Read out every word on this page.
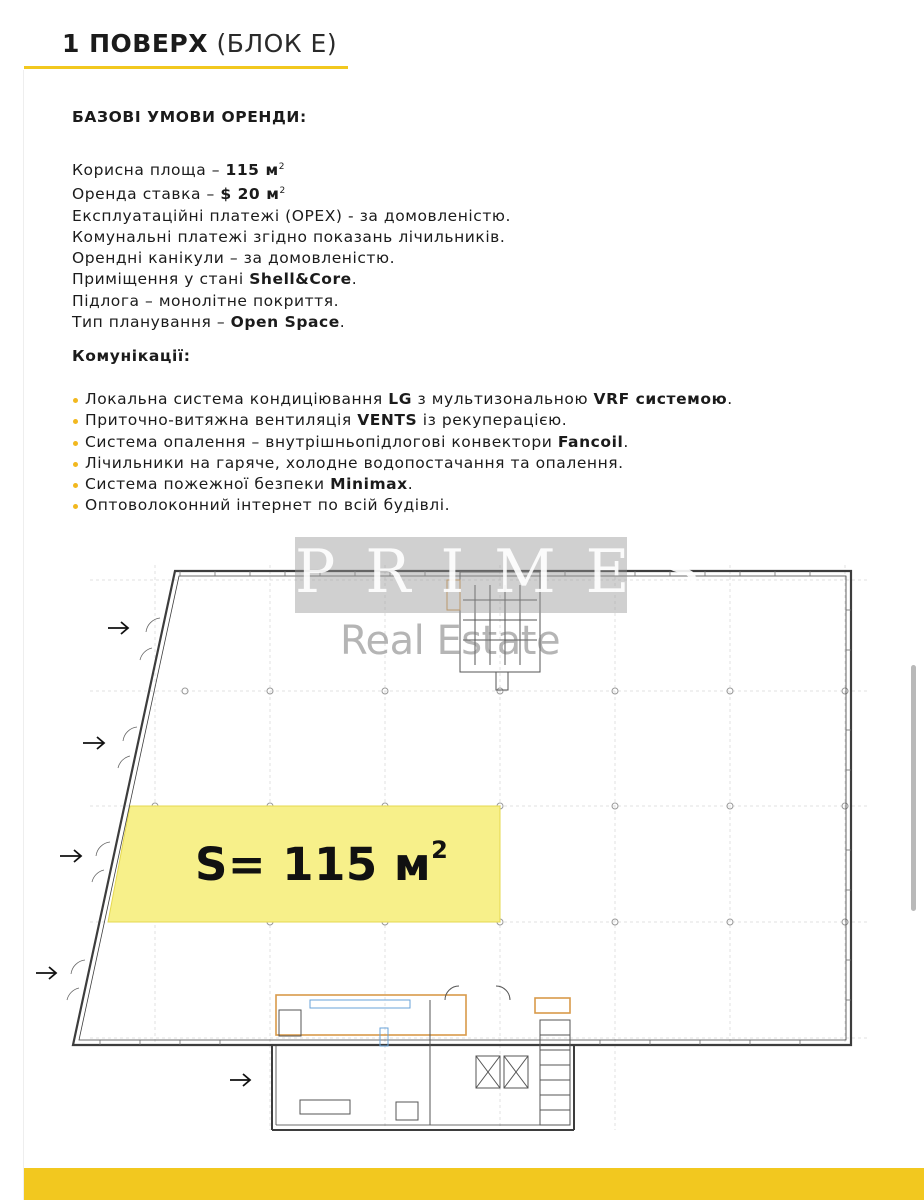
1 ПОВЕРХ (БЛОК Е)
БАЗОВІ УМОВИ ОРЕНДИ:
Корисна площа – 115 $м^2$
Оренда ставка – $ 20 $м^2$
Експлуатаційні платежі (OPEX) - за домовленістю.
Комунальні платежі згідно показань лічильників.
Орендні канікули – за домовленістю.
Приміщення у стані Shell&Core.
Підлога – монолітне покриття.
Тип планування – Open Space.
Комунікації:
Локальна система кондиціювання LG з мультизональною VRF системою.
Приточно-витяжна вентиляція VENTS із рекуперацією.
Система опалення – внутрішньопідлогові конвектори Fancoil.
Лічильники на гаряче, холодне водопостачання та опалення.
Система пожежної безпеки Minimax.
Оптоволоконний інтернет по всій будівлі.
PRIMES
Real Estate
S= 115 $м^2$
